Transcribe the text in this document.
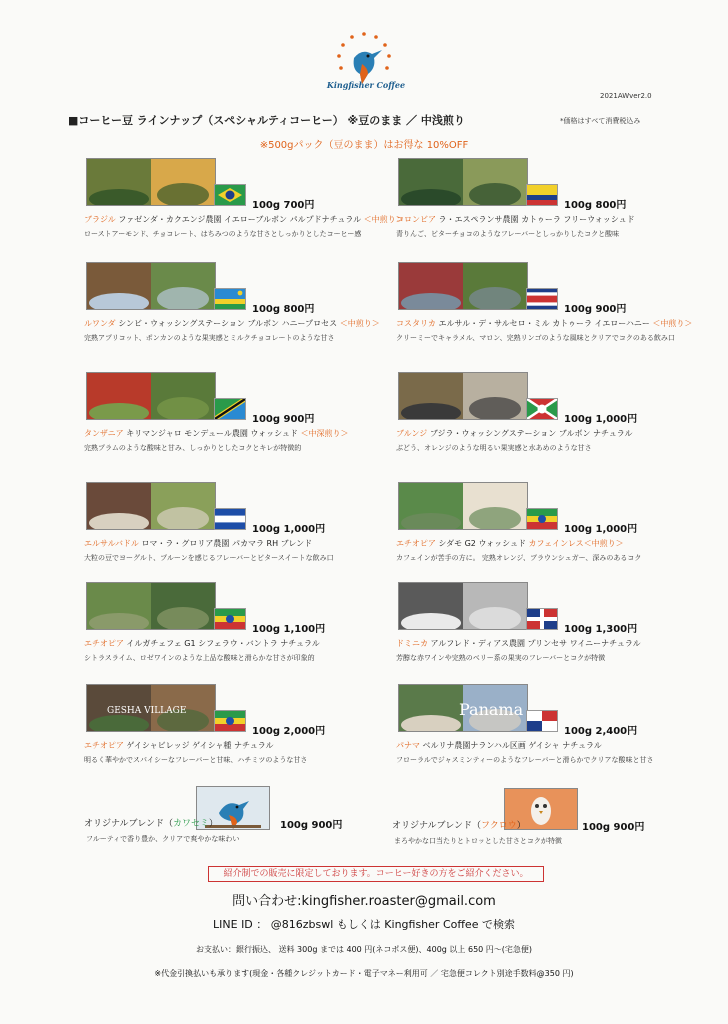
Kingfisher Coffee
2021AWver2.0
■コーヒー豆 ラインナップ（スペシャルティコーヒー） ※豆のまま ／ 中浅煎り	*価格はすべて消費税込み
※500gパック（豆のまま）はお得な 10%OFF
100g 700円
ブラジル ファゼンダ・カクエンジ農園 イエローブルボン パルプドナチュラル ＜中煎り＞
ローストアーモンド、チョコレート、はちみつのような甘さとしっかりとしたコーヒー感
100g 800円
コロンビア ラ・エスペランサ農園 カトゥーラ フリーウォッシュド
青りんご、ビターチョコのようなフレーバーとしっかりしたコクと酸味
100g 800円
ルワンダ シンビ・ウォッシングステーション ブルボン ハニープロセス ＜中煎り＞
完熟アプリコット、ポンカンのような果実感とミルクチョコレートのような甘さ
100g 900円
コスタリカ エルサル・デ・サルセロ・ミル カトゥーラ イエローハニー ＜中煎り＞
クリーミーでキャラメル、マロン、完熟リンゴのような風味とクリアでコクのある飲み口
100g 900円
タンザニア キリマンジャロ モンデュール農園 ウォッシュド ＜中深煎り＞
完熟プラムのような酸味と甘み、しっかりとしたコクとキレが特徴的
100g 1,000円
ブルンジ ブジラ・ウォッシングステーション ブルボン ナチュラル
ぶどう、オレンジのような明るい果実感と水あめのような甘さ
100g 1,000円
エルサルバドル ロマ・ラ・グロリア農園 パカマラ RH ブレンド
大粒の豆でヨーグルト、プルーンを感じるフレーバーとビタースイートな飲み口
100g 1,000円
エチオピア シダモ G2 ウォッシュド カフェインレス＜中煎り＞
カフェインが苦手の方に。 完熟オレンジ、ブラウンシュガー、深みのあるコク
100g 1,100円
エチオピア イルガチェフェ G1 シフェラウ・バントラ ナチュラル
シトラスライム、ロゼワインのような上品な酸味と滑らかな甘さが印象的
100g 1,300円
ドミニカ アルフレド・ディアス農園 プリンセサ ワイニーナチュラル
芳醇な赤ワインや完熟のベリー系の果実のフレーバーとコクが特徴
GESHA VILLAGE
100g 2,000円
エチオピア ゲイシャビレッジ ゲイシャ種 ナチュラル
明るく華やかでスパイシーなフレーバーと甘味、ハチミツのような甘さ
Panama
100g 2,400円
パナマ ベルリナ農園ナランハル区画 ゲイシャ ナチュラル
フローラルでジャスミンティーのようなフレーバーと滑らかでクリアな酸味と甘さ
オリジナルブレンド（カワセミ）	100g 900円
フルーティで香り豊か、クリアで爽やかな味わい
オリジナルブレンド（フクロウ）	100g 900円
まろやかな口当たりとトロッとした甘さとコクが特徴
紹介制での販売に限定しております。コーヒー好きの方をご紹介ください。
問い合わせ:kingfisher.roaster@gmail.com
LINE ID ： @816zbswl もしくは Kingfisher Coffee で検索
お支払い：銀行振込、 送料 300g までは 400 円(ネコポス便)、400g 以上 650 円～(宅急便)
※代金引換払いも承ります(現金・各種クレジットカード・電子マネー利用可 ／ 宅急便コレクト別途手数料@350 円)
